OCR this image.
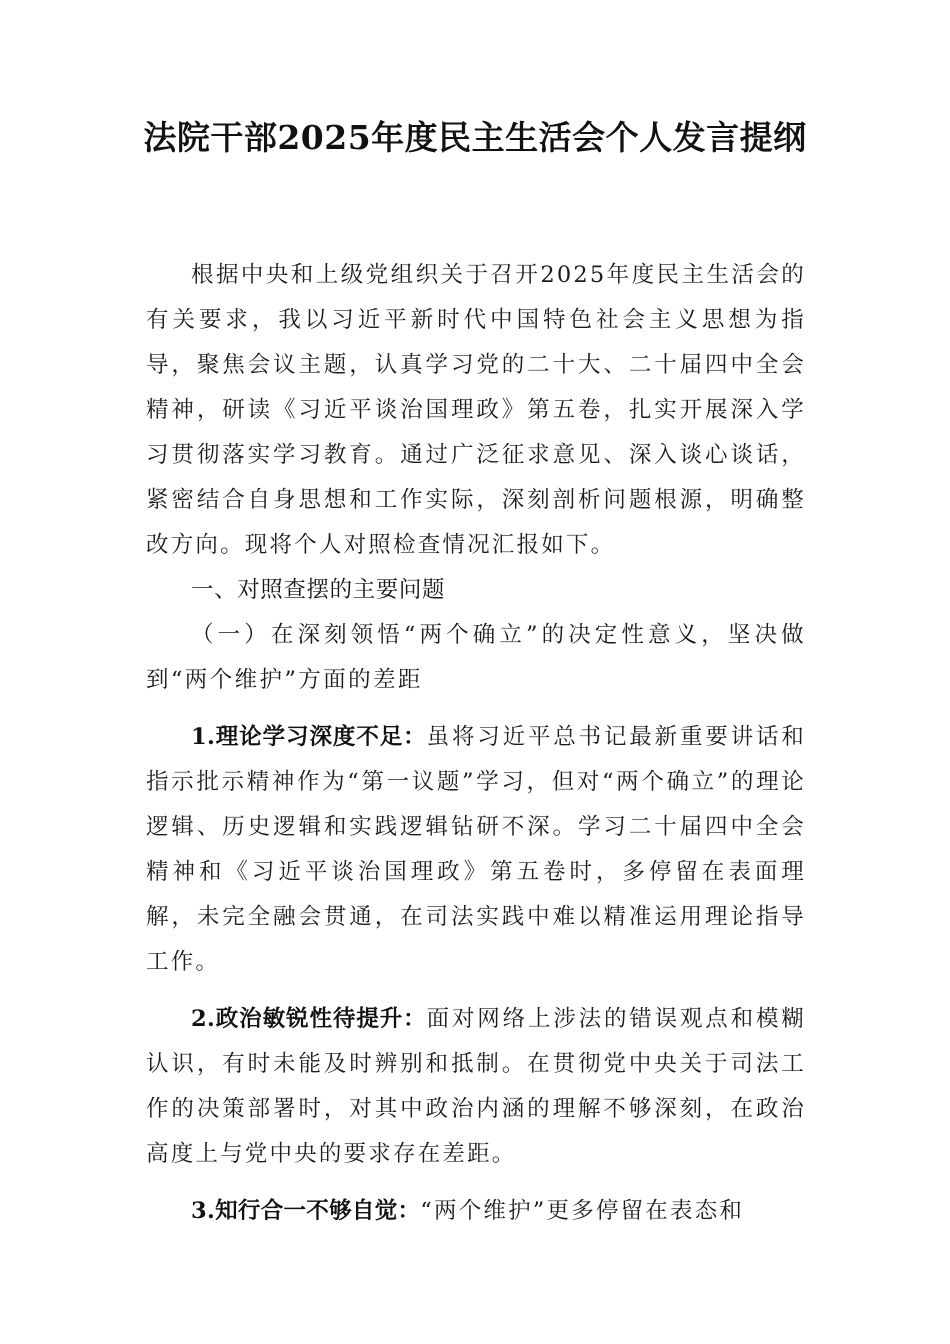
法院干部2025年度民主生活会个人发言提纲

根据中央和上级党组织关于召开2025年度民主生活会的有关要求，我以习近平新时代中国特色社会主义思想为指导，聚焦会议主题，认真学习党的二十大、二十届四中全会精神，研读《习近平谈治国理政》第五卷，扎实开展深入学习贯彻落实学习教育。通过广泛征求意见、深入谈心谈话，紧密结合自身思想和工作实际，深刻剖析问题根源，明确整改方向。现将个人对照检查情况汇报如下。

一、对照查摆的主要问题

（一）在深刻领悟“两个确立”的决定性意义，坚决做到“两个维护”方面的差距

1.理论学习深度不足：虽将习近平总书记最新重要讲话和指示批示精神作为“第一议题”学习，但对“两个确立”的理论逻辑、历史逻辑和实践逻辑钻研不深。学习二十届四中全会精神和《习近平谈治国理政》第五卷时，多停留在表面理解，未完全融会贯通，在司法实践中难以精准运用理论指导工作。

2.政治敏锐性待提升：面对网络上涉法的错误观点和模糊认识，有时未能及时辨别和抵制。在贯彻党中央关于司法工作的决策部署时，对其中政治内涵的理解不够深刻，在政治高度上与党中央的要求存在差距。

3.知行合一不够自觉：“两个维护”更多停留在表态和
